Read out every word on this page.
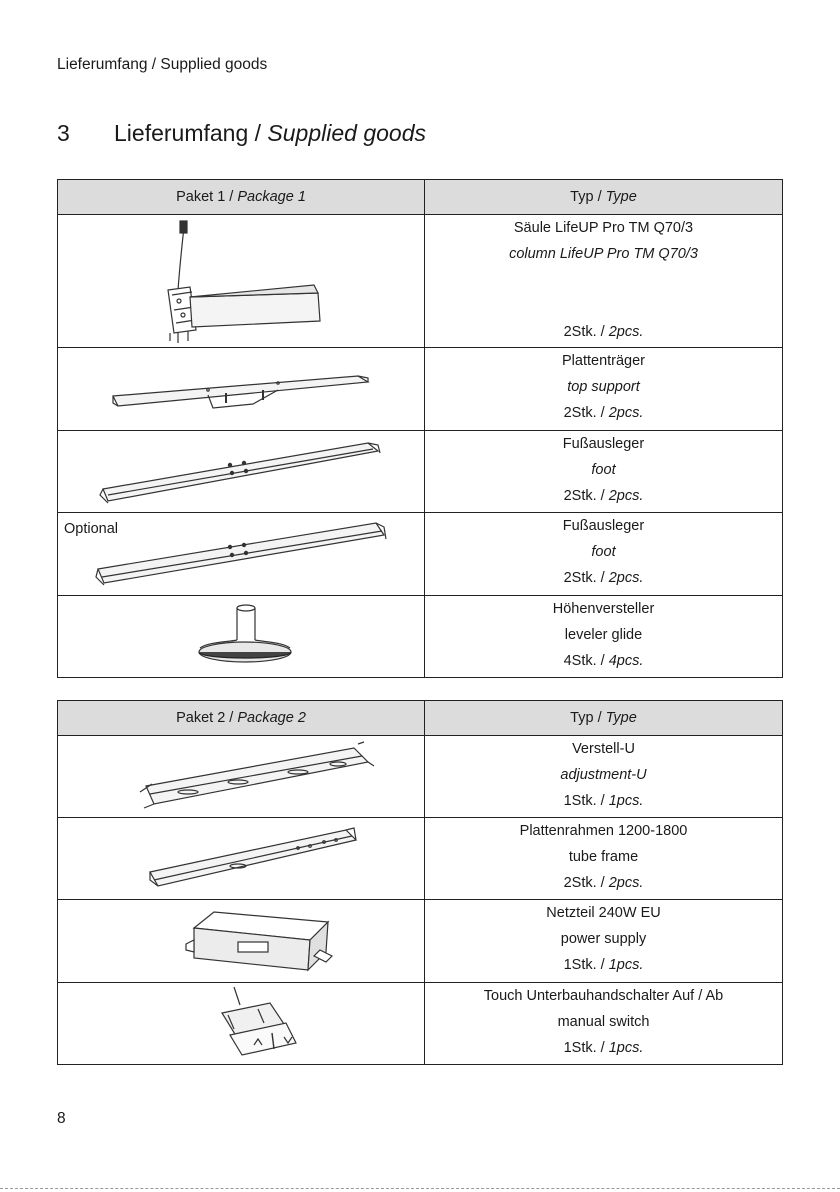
Lieferumfang / Supplied goods
3 Lieferumfang / Supplied goods
Paket 1 / Package 1	Typ / Type

Säule LifeUP Pro TM Q70/3
column LifeUP Pro TM Q70/3
2Stk. / 2pcs.

Plattenträger
top support
2Stk. / 2pcs.

Fußausleger
foot
2Stk. / 2pcs.

Optional	Fußausleger
foot
2Stk. / 2pcs.

Höhenversteller
leveler glide
4Stk. / 4pcs.
Paket 2 / Package 2	Typ / Type

Verstell-U
adjustment-U
1Stk. / 1pcs.

Plattenrahmen 1200-1800
tube frame
2Stk. / 2pcs.

Netzteil 240W EU
power supply
1Stk. / 1pcs.

Touch Unterbauhandschalter Auf / Ab
manual switch
1Stk. / 1pcs.
8
